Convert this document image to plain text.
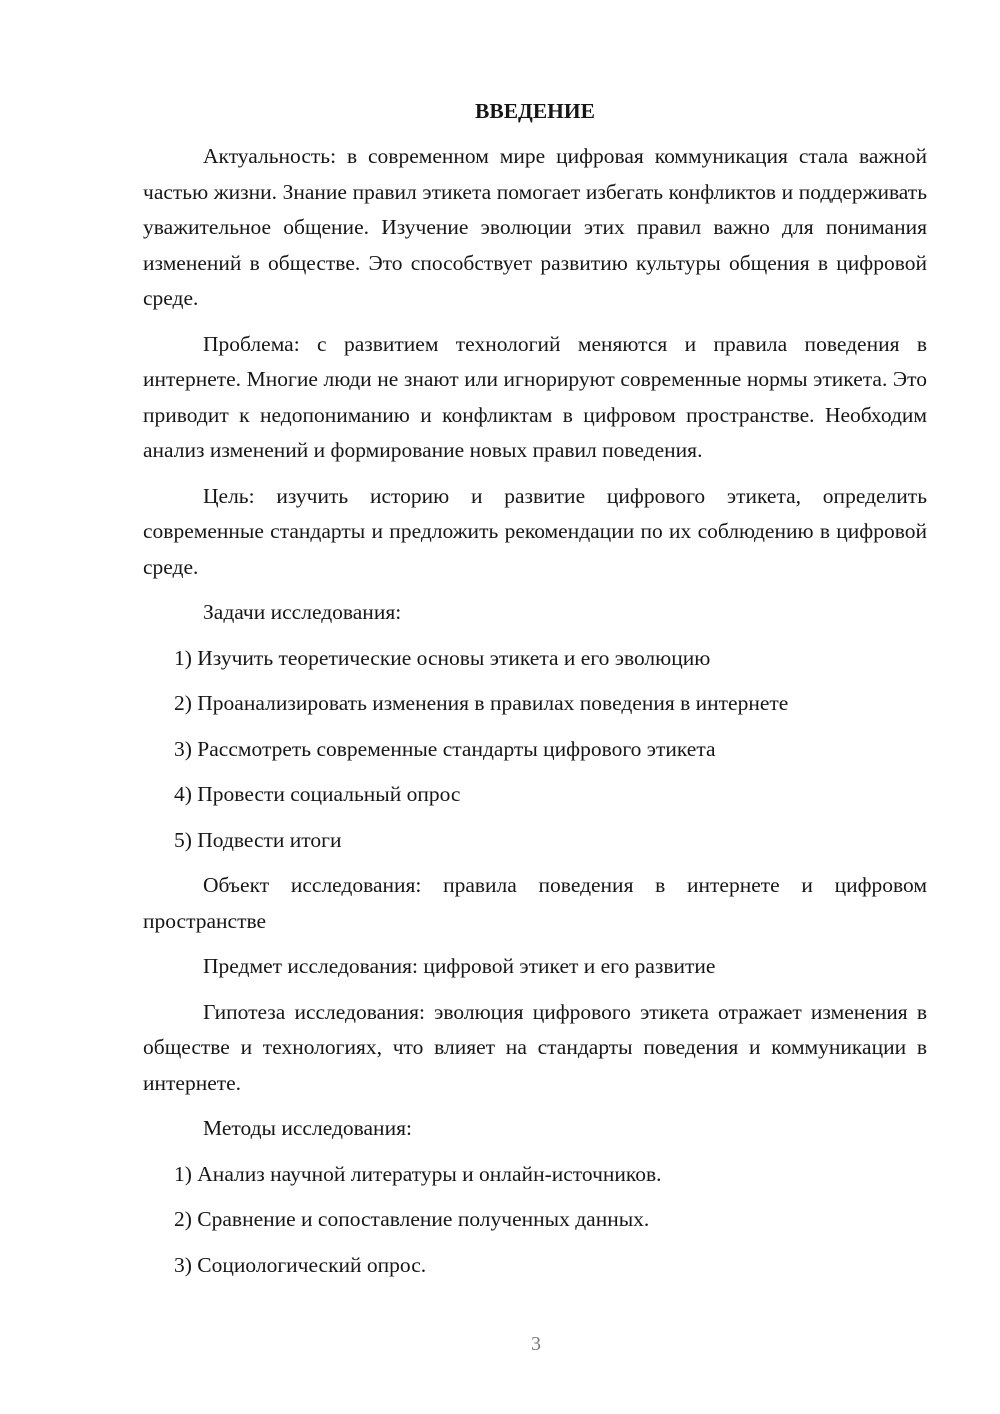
ВВЕДЕНИЕ

Актуальность: в современном мире цифровая коммуникация стала важной частью жизни. Знание правил этикета помогает избегать конфликтов и поддерживать уважительное общение. Изучение эволюции этих правил важно для понимания изменений в обществе. Это способствует развитию культуры общения в цифровой среде.

Проблема: с развитием технологий меняются и правила поведения в интернете. Многие люди не знают или игнорируют современные нормы этикета. Это приводит к недопониманию и конфликтам в цифровом пространстве. Необходим анализ изменений и формирование новых правил поведения.

Цель: изучить историю и развитие цифрового этикета, определить современные стандарты и предложить рекомендации по их соблюдению в цифровой среде.

Задачи исследования:

1) Изучить теоретические основы этикета и его эволюцию
2) Проанализировать изменения в правилах поведения в интернете
3) Рассмотреть современные стандарты цифрового этикета
4) Провести социальный опрос
5) Подвести итоги

Объект исследования: правила поведения в интернете и цифровом пространстве

Предмет исследования: цифровой этикет и его развитие

Гипотеза исследования: эволюция цифрового этикета отражает изменения в обществе и технологиях, что влияет на стандарты поведения и коммуникации в интернете.

Методы исследования:

1) Анализ научной литературы и онлайн-источников.
2) Сравнение и сопоставление полученных данных.
3) Социологический опрос.
3
